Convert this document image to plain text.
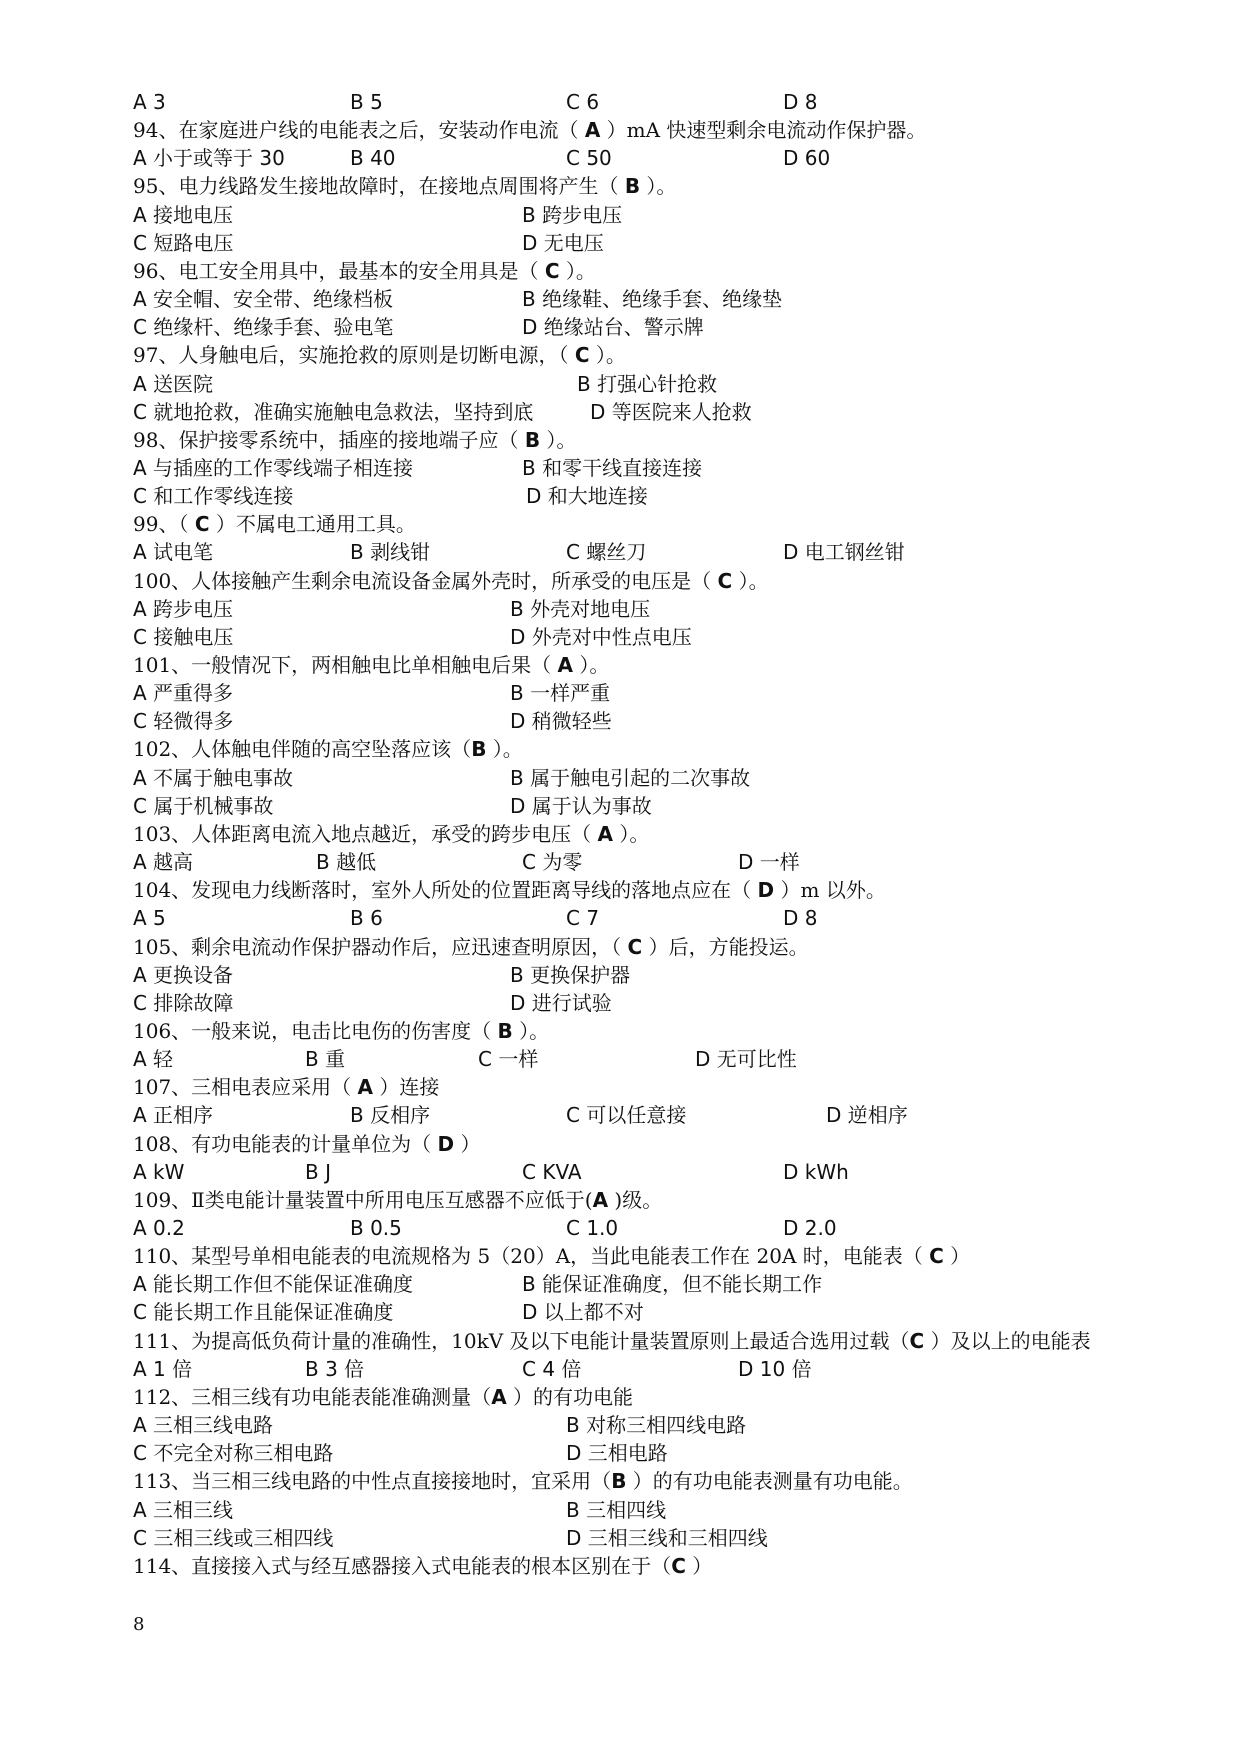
A 3	B 5	C 6	D 8
94、在家庭进户线的电能表之后，安装动作电流（ A ）mA 快速型剩余电流动作保护器。
A 小于或等于 30	B 40	C 50	D 60
95、电力线路发生接地故障时，在接地点周围将产生（ B ）。
A 接地电压	B 跨步电压
C 短路电压	D 无电压
96、电工安全用具中，最基本的安全用具是（ C ）。
A 安全帽、安全带、绝缘档板	B 绝缘鞋、绝缘手套、绝缘垫
C 绝缘杆、绝缘手套、验电笔	D 绝缘站台、警示牌
97、人身触电后，实施抢救的原则是切断电源，（ C ）。
A 送医院	B 打强心针抢救
C 就地抢救，准确实施触电急救法，坚持到底	D 等医院来人抢救
98、保护接零系统中，插座的接地端子应（ B ）。
A 与插座的工作零线端子相连接	B 和零干线直接连接
C 和工作零线连接	D 和大地连接
99、（ C ）不属电工通用工具。
A 试电笔	B 剥线钳	C 螺丝刀	D 电工钢丝钳
100、人体接触产生剩余电流设备金属外壳时，所承受的电压是（ C ）。
A 跨步电压	B 外壳对地电压
C 接触电压	D 外壳对中性点电压
101、一般情况下，两相触电比单相触电后果（ A ）。
A 严重得多	B 一样严重
C 轻微得多	D 稍微轻些
102、人体触电伴随的高空坠落应该（B ）。
A 不属于触电事故	B 属于触电引起的二次事故
C 属于机械事故	D 属于认为事故
103、人体距离电流入地点越近，承受的跨步电压（ A ）。
A 越高	B 越低	C 为零	D 一样
104、发现电力线断落时，室外人所处的位置距离导线的落地点应在（ D ）m 以外。
A 5	B 6	C 7	D 8
105、剩余电流动作保护器动作后，应迅速查明原因，（ C ）后，方能投运。
A 更换设备	B 更换保护器
C 排除故障	D 进行试验
106、一般来说，电击比电伤的伤害度（ B ）。
A 轻	B 重	C 一样	D 无可比性
107、三相电表应采用（ A ）连接
A 正相序	B 反相序	C 可以任意接	D 逆相序
108、有功电能表的计量单位为（ D ）
A kW	B J	C KVA	D kWh
109、Ⅱ类电能计量装置中所用电压互感器不应低于(A )级。
A 0.2	B 0.5	C 1.0	D 2.0
110、某型号单相电能表的电流规格为 5（20）A，当此电能表工作在 20A 时，电能表（ C ）
A 能长期工作但不能保证准确度	B 能保证准确度，但不能长期工作
C 能长期工作且能保证准确度	D 以上都不对
111、为提高低负荷计量的准确性，10kV 及以下电能计量装置原则上最适合选用过载（C ）及以上的电能表
A 1 倍	B 3 倍	C 4 倍	D 10 倍
112、三相三线有功电能表能准确测量（A ）的有功电能
A 三相三线电路	B 对称三相四线电路
C 不完全对称三相电路	D 三相电路
113、当三相三线电路的中性点直接接地时，宜采用（B ）的有功电能表测量有功电能。
A 三相三线	B 三相四线
C 三相三线或三相四线	D 三相三线和三相四线
114、直接接入式与经互感器接入式电能表的根本区别在于（C ）
8
